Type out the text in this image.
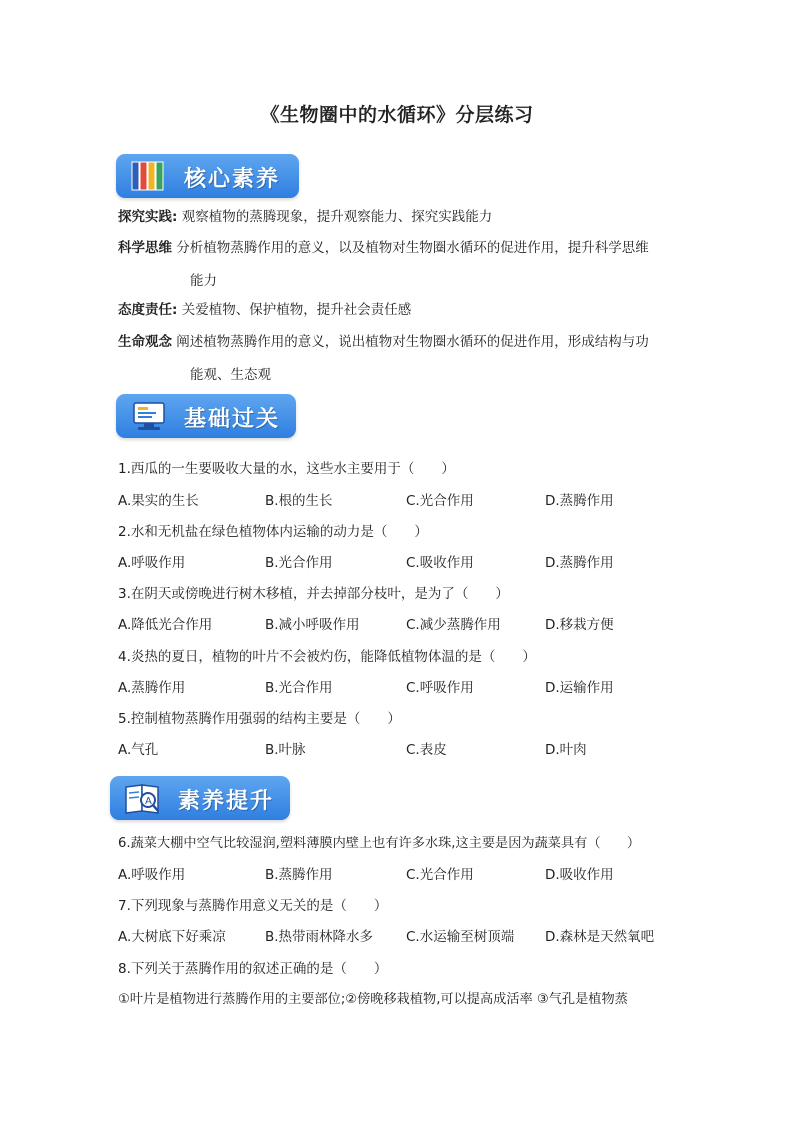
《生物圈中的水循环》分层练习
核心素养
探究实践: 观察植物的蒸腾现象，提升观察能力、探究实践能力
科学思维 分析植物蒸腾作用的意义，以及植物对生物圈水循环的促进作用，提升科学思维
能力
态度责任: 关爱植物、保护植物，提升社会责任感
生命观念 阐述植物蒸腾作用的意义，说出植物对生物圈水循环的促进作用，形成结构与功
能观、生态观
基础过关
1.西瓜的一生要吸收大量的水，这些水主要用于（　　）
A.果实的生长	B.根的生长	C.光合作用	D.蒸腾作用
2.水和无机盐在绿色植物体内运输的动力是（　　）
A.呼吸作用	B.光合作用	C.吸收作用	D.蒸腾作用
3.在阴天或傍晚进行树木移植，并去掉部分枝叶，是为了（　　）
A.降低光合作用	B.减小呼吸作用	C.减少蒸腾作用	D.移栽方便
4.炎热的夏日，植物的叶片不会被灼伤，能降低植物体温的是（　　）
A.蒸腾作用	B.光合作用	C.呼吸作用	D.运输作用
5.控制植物蒸腾作用强弱的结构主要是（　　）
A.气孔	B.叶脉	C.表皮	D.叶肉
A 素养提升
6.蔬菜大棚中空气比较湿润,塑料薄膜内壁上也有许多水珠,这主要是因为蔬菜具有（　　）
A.呼吸作用	B.蒸腾作用	C.光合作用	D.吸收作用
7.下列现象与蒸腾作用意义无关的是（　　）
A.大树底下好乘凉	B.热带雨林降水多 C.水运输至树顶端 D.森林是天然氧吧
8.下列关于蒸腾作用的叙述正确的是（　　）
①叶片是植物进行蒸腾作用的主要部位;②傍晚移栽植物,可以提高成活率 ③气孔是植物蒸
